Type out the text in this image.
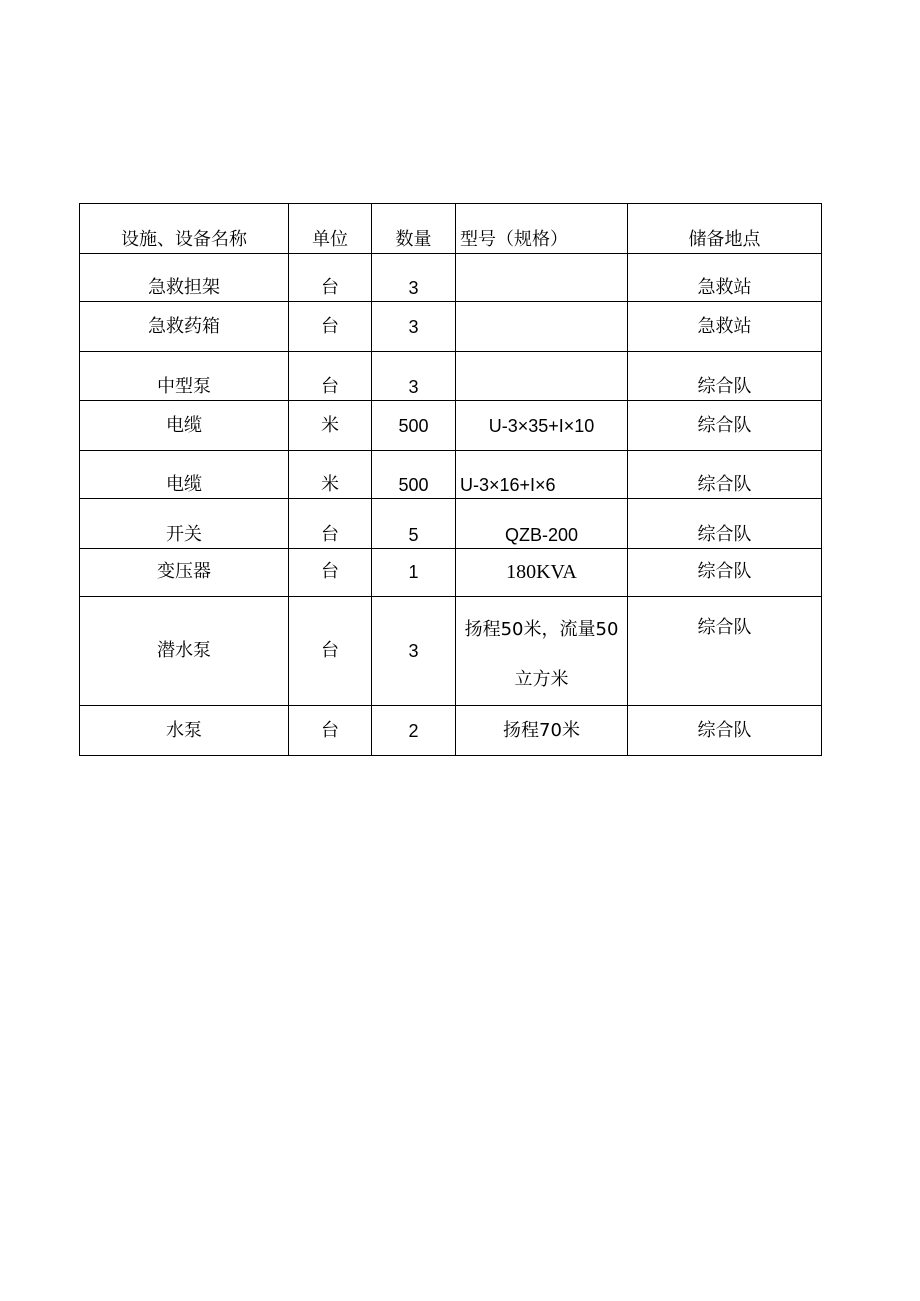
设施、设备名称	单位	数量	型号（规格）	储备地点
急救担架	台	3		急救站
急救药箱	台	3		急救站
中型泵	台	3		综合队
电缆	米	500	U-3×35+I×10	综合队
电缆	米	500	U-3×16+I×6	综合队
开关	台	5	QZB-200	综合队
变压器	台	1	180KVA	综合队
潜水泵	台	3	扬程50米，流量50立方米	综合队
水泵	台	2	扬程70米	综合队
